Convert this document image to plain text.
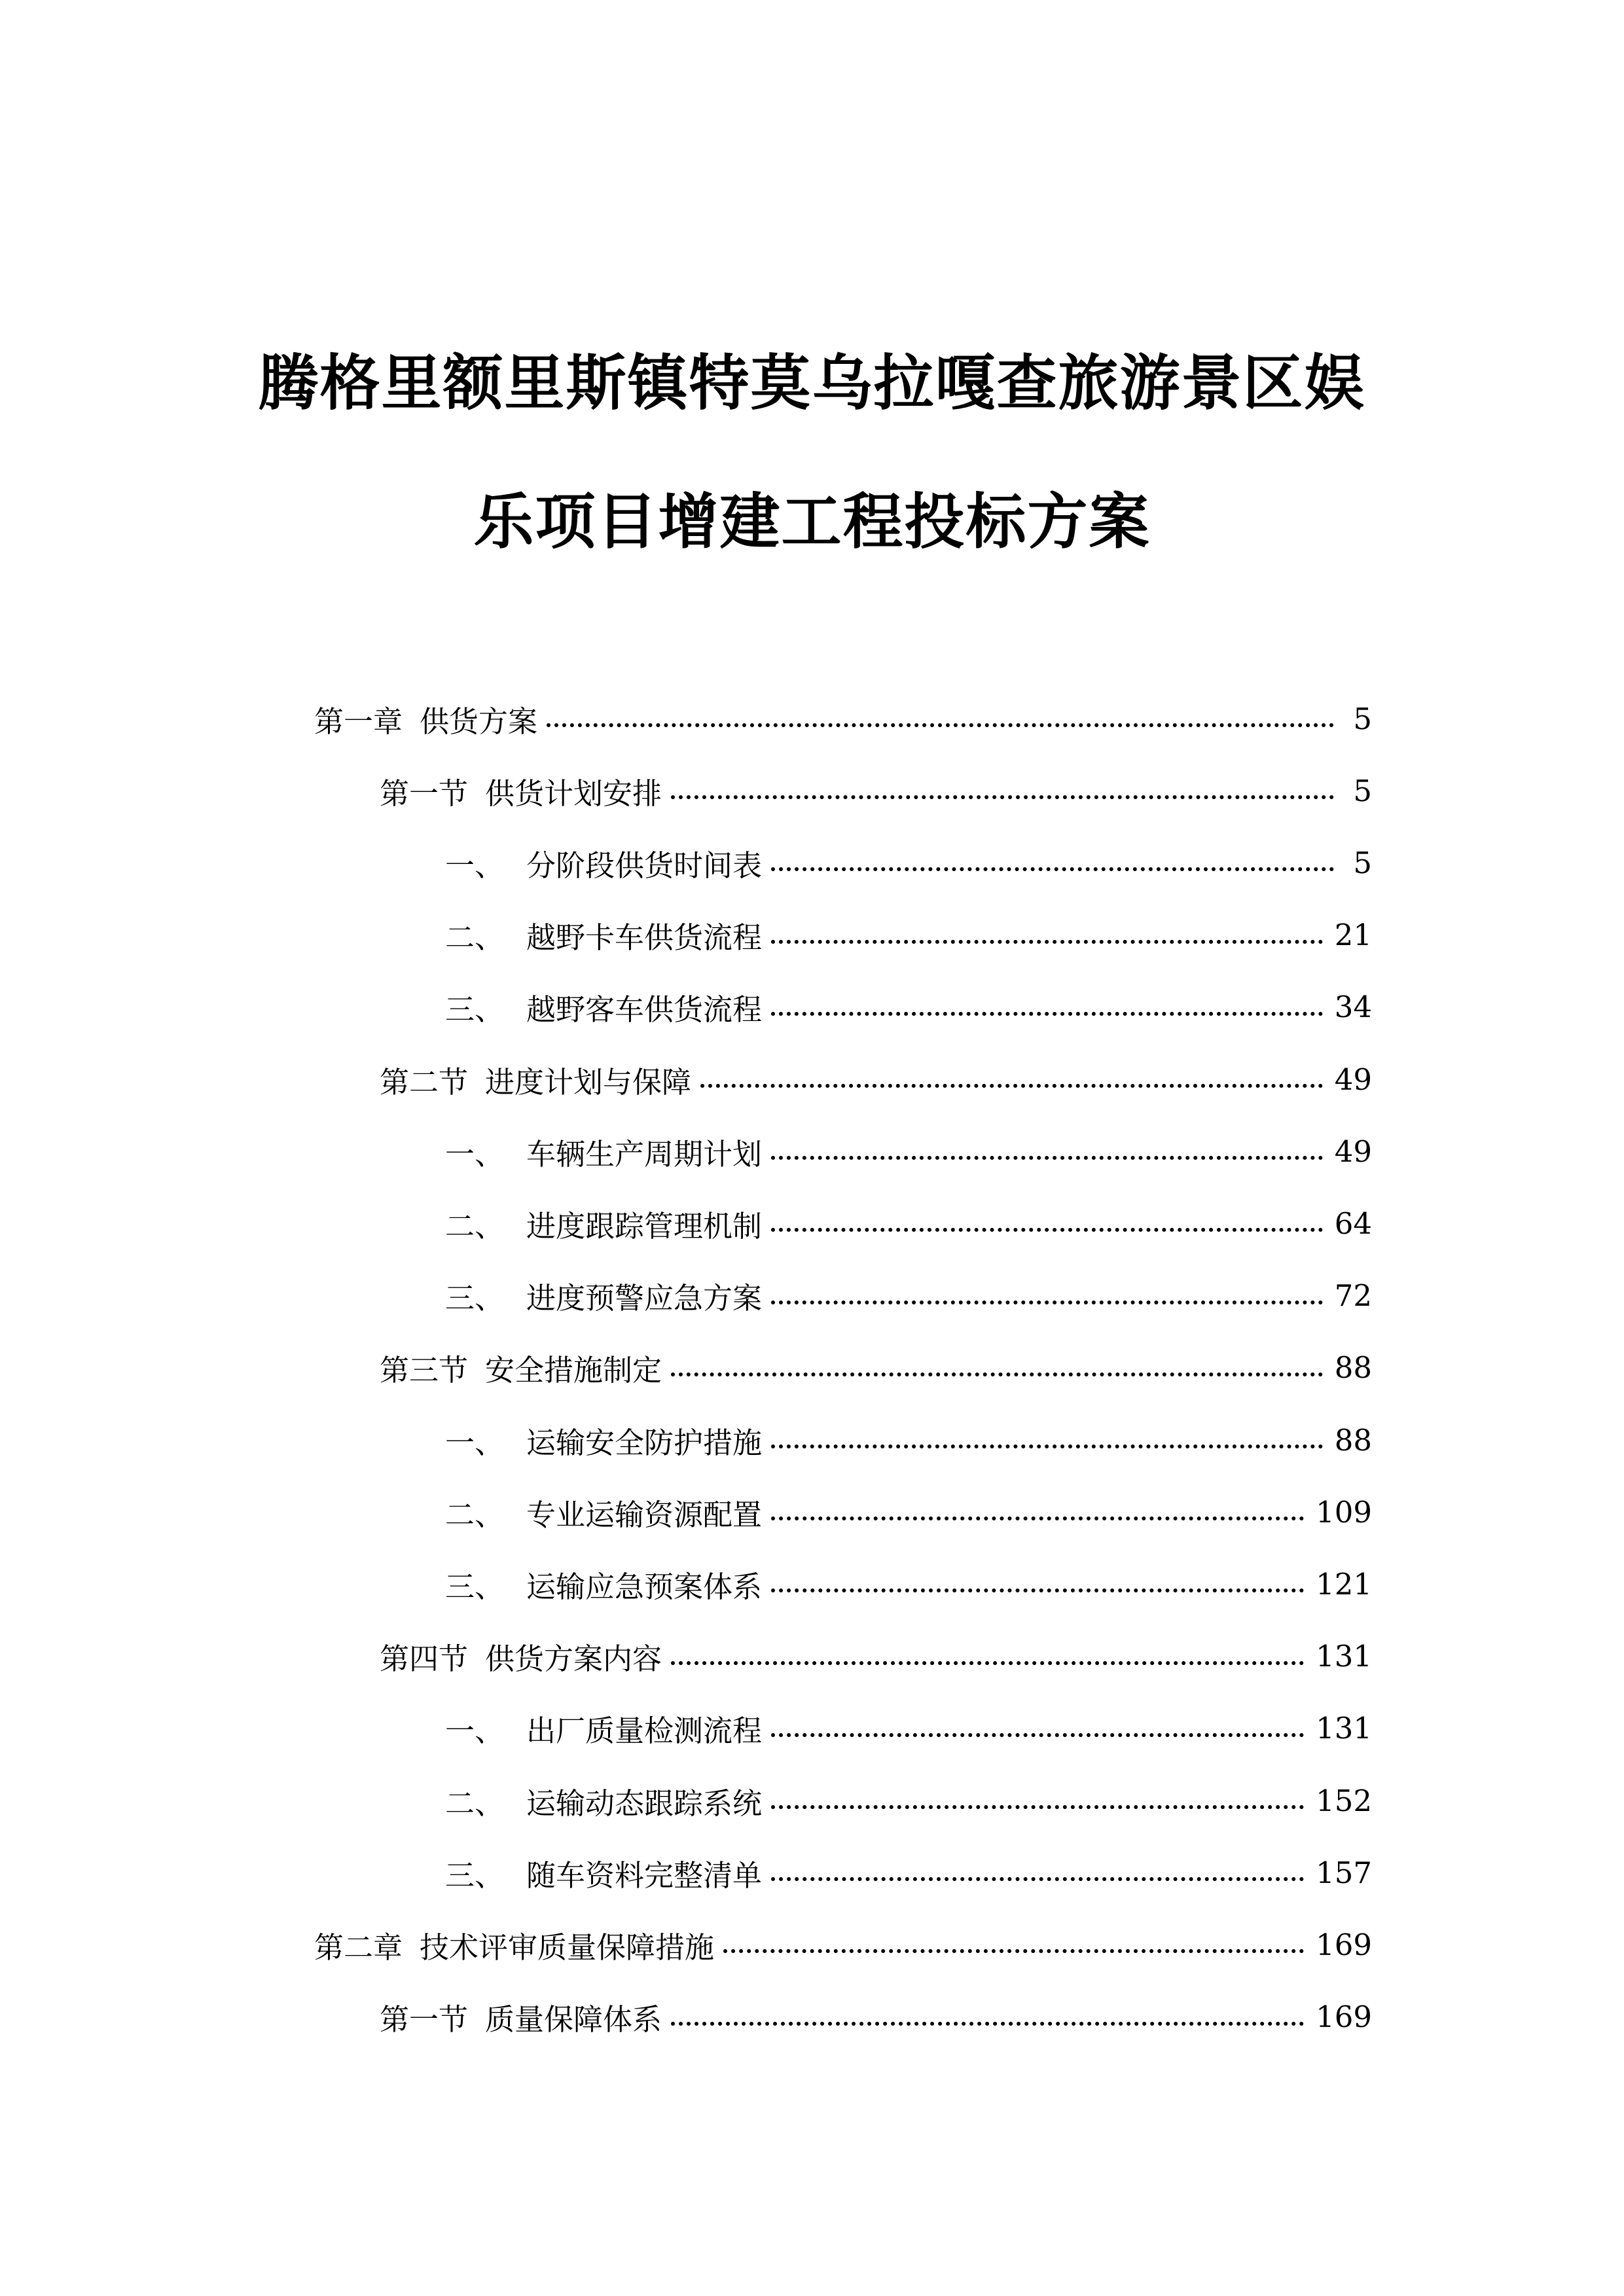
腾格里额里斯镇特莫乌拉嘎查旅游景区娱
乐项目增建工程投标方案
第一章 供货方案	5
第一节 供货计划安排	5
一、 分阶段供货时间表	5
二、 越野卡车供货流程	21
三、 越野客车供货流程	34
第二节 进度计划与保障	49
一、 车辆生产周期计划	49
二、 进度跟踪管理机制	64
三、 进度预警应急方案	72
第三节 安全措施制定	88
一、 运输安全防护措施	88
二、 专业运输资源配置	109
三、 运输应急预案体系	121
第四节 供货方案内容	131
一、 出厂质量检测流程	131
二、 运输动态跟踪系统	152
三、 随车资料完整清单	157
第二章 技术评审质量保障措施	169
第一节 质量保障体系	169
